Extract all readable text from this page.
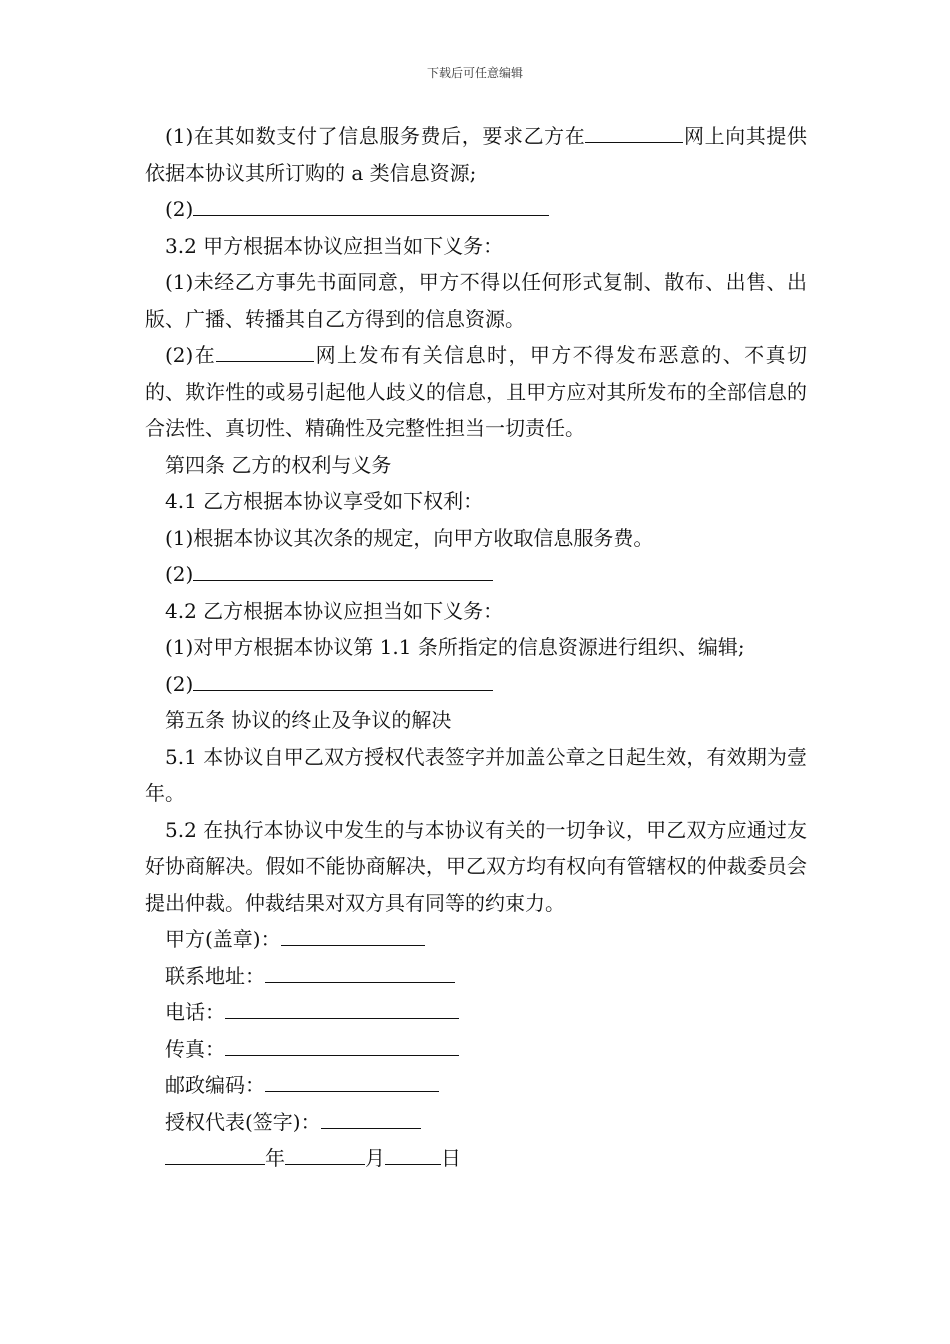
下载后可任意编辑

(1)在其如数支付了信息服务费后，要求乙方在	网上向其提供依据本协议其所订购的 a 类信息资源;

(2)

3.2 甲方根据本协议应担当如下义务：

(1)未经乙方事先书面同意，甲方不得以任何形式复制、散布、出售、出版、广播、转播其自乙方得到的信息资源。

(2)在	网上发布有关信息时，甲方不得发布恶意的、不真切的、欺诈性的或易引起他人歧义的信息，且甲方应对其所发布的全部信息的合法性、真切性、精确性及完整性担当一切责任。

第四条 乙方的权利与义务

4.1 乙方根据本协议享受如下权利：

(1)根据本协议其次条的规定，向甲方收取信息服务费。

(2)

4.2 乙方根据本协议应担当如下义务：

(1)对甲方根据本协议第 1.1 条所指定的信息资源进行组织、编辑;

(2)

第五条 协议的终止及争议的解决

5.1 本协议自甲乙双方授权代表签字并加盖公章之日起生效，有效期为壹年。

5.2 在执行本协议中发生的与本协议有关的一切争议，甲乙双方应通过友好协商解决。假如不能协商解决，甲乙双方均有权向有管辖权的仲裁委员会提出仲裁。仲裁结果对双方具有同等的约束力。

甲方(盖章)：

联系地址：

电话：

传真：

邮政编码：

授权代表(签字)：

年	月	日
